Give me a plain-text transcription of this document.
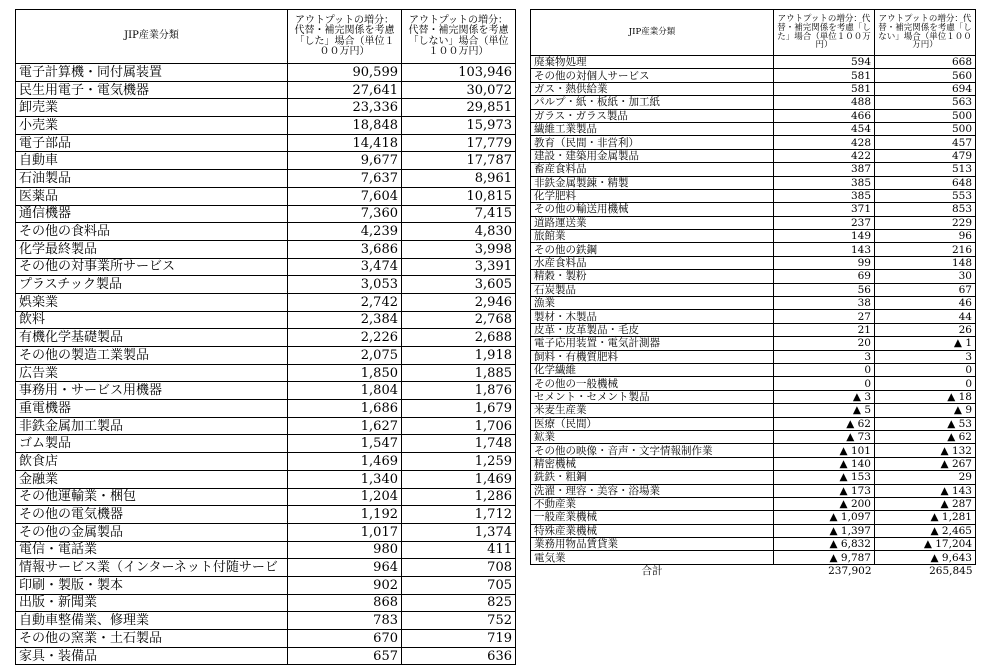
JIP産業分類	アウトプットの増分：代替・補完関係を考慮「した」場合（単位１００万円）	アウトプットの増分：代替・補完関係を考慮「しない」場合（単位１００万円）
電子計算機・同付属装置	90,599	103,946
民生用電子・電気機器	27,641	30,072
卸売業	23,336	29,851
小売業	18,848	15,973
電子部品	14,418	17,779
自動車	9,677	17,787
石油製品	7,637	8,961
医薬品	7,604	10,815
通信機器	7,360	7,415
その他の食料品	4,239	4,830
化学最終製品	3,686	3,998
その他の対事業所サービス	3,474	3,391
プラスチック製品	3,053	3,605
娯楽業	2,742	2,946
飲料	2,384	2,768
有機化学基礎製品	2,226	2,688
その他の製造工業製品	2,075	1,918
広告業	1,850	1,885
事務用・サービス用機器	1,804	1,876
重電機器	1,686	1,679
非鉄金属加工製品	1,627	1,706
ゴム製品	1,547	1,748
飲食店	1,469	1,259
金融業	1,340	1,469
その他運輸業・梱包	1,204	1,286
その他の電気機器	1,192	1,712
その他の金属製品	1,017	1,374
電信・電話業	980	411
情報サービス業（インターネット付随サービ	964	708
印刷・製版・製本	902	705
出版・新聞業	868	825
自動車整備業、修理業	783	752
その他の窯業・土石製品	670	719
家具・装備品	657	636
JIP産業分類	アウトプットの増分：代替・補完関係を考慮「した」場合（単位１００万円）	アウトプットの増分：代替・補完関係を考慮「しない」場合（単位１００万円）
廃棄物処理	594	668
その他の対個人サービス	581	560
ガス・熱供給業	581	694
パルプ・紙・板紙・加工紙	488	563
ガラス・ガラス製品	466	500
繊維工業製品	454	500
教育（民間・非営利）	428	457
建設・建築用金属製品	422	479
畜産食料品	387	513
非鉄金属製錬・精製	385	648
化学肥料	385	553
その他の輸送用機械	371	853
道路運送業	237	229
旅館業	149	96
その他の鉄鋼	143	216
水産食料品	99	148
精穀・製粉	69	30
石炭製品	56	67
漁業	38	46
製材・木製品	27	44
皮革・皮革製品・毛皮	21	26
電子応用装置・電気計測器	20	▲ 1
飼料・有機質肥料	3	3
化学繊維	0	0
その他の一般機械	0	0
セメント・セメント製品	▲ 3	▲ 18
米麦生産業	▲ 5	▲ 9
医療（民間）	▲ 62	▲ 53
鉱業	▲ 73	▲ 62
その他の映像・音声・文字情報制作業	▲ 101	▲ 132
精密機械	▲ 140	▲ 267
銑鉄・粗鋼	▲ 153	29
洗濯・理容・美容・浴場業	▲ 173	▲ 143
不動産業	▲ 200	▲ 287
一般産業機械	▲ 1,097	▲ 1,281
特殊産業機械	▲ 1,397	▲ 2,465
業務用物品賃貸業	▲ 6,832	▲ 17,204
電気業	▲ 9,787	▲ 9,643
合計	237,902	265,845
